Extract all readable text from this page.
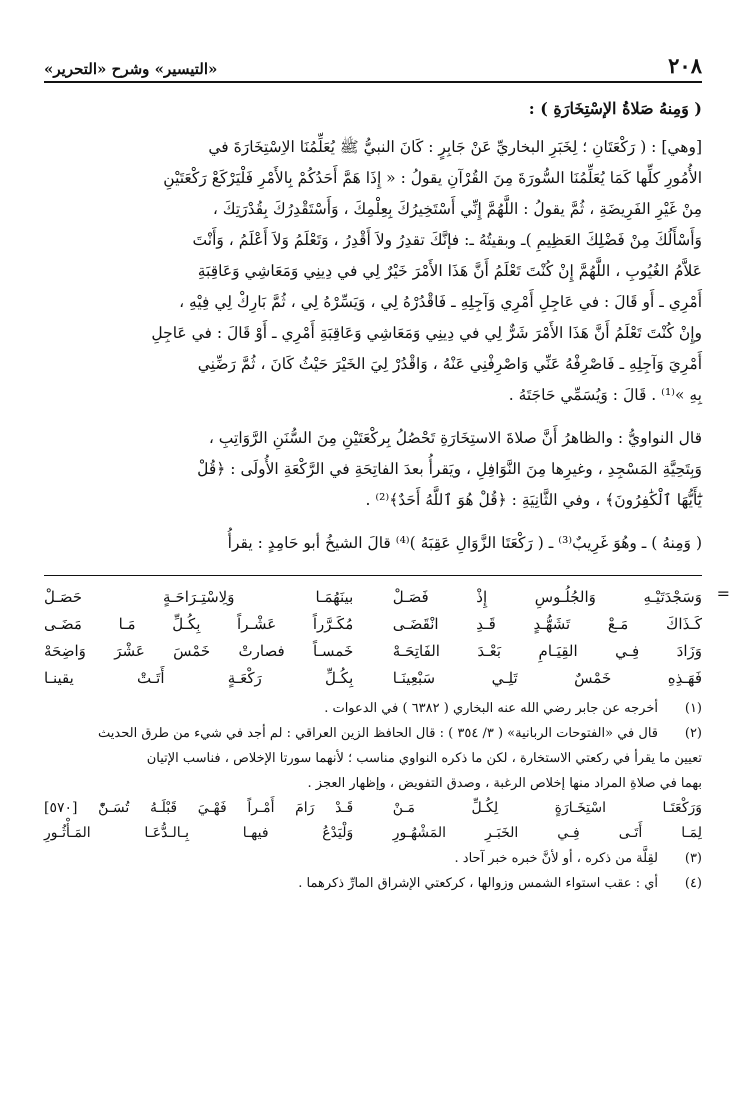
٢٠٨
«التيسير» وشرح «التحرير»
( وَمِنهُ صَلاةُ الإسْتِخَارَةِ ) :

[وهي] : ( رَكْعَتَانِ ؛ لِخَبَرِ البخاريِّ عَنْ جَابِرٍ : كَانَ النبيُّ ﷺ يُعَلِّمُنَا الاِسْتِخَارَةَ في

الأُمُورِ كلِّها كَمَا يُعَلِّمُنَا السُّورَةَ مِنَ القُرْآنِ يقولُ : « إِذَا هَمَّ أَحَدُكُمْ بِالأَمْرِ فَلْيَرْكَعْ رَكْعَتَيْنِ

مِنْ غَيْرِ الفَرِيضَةِ ، ثُمَّ يقولُ : اللَّهُمَّ إِنِّي أَسْتَخِيرُكَ بِعِلْمِكَ ، وَأَسْتَقْدِرُكَ بِقُدْرَتِكَ ،

وَأَسْأَلُكَ مِنْ فَضْلِكَ العَظِيمِ )ـ وبقيتُهُ ـ: فإنَّكَ تقدِرُ ولاَ أَقْدِرُ ، وَتَعْلَمُ وَلاَ أَعْلَمُ ، وَأَنْتَ

عَلاَّمُ الغُيُوبِ ، اللَّهُمَّ إِنْ كُنْتَ تَعْلَمُ أَنَّ هَذَا الأَمْرَ خَيْرٌ لِي في دِينِي وَمَعَاشِي وَعَاقِبَةِ

أَمْرِي ـ أَو قَالَ : في عَاجِلِ أَمْرِي وَآجِلِهِ ـ فَاقْدُرْهُ لِي ، وَيَسِّرْهُ لِي ، ثُمَّ بَارِكْ لِي فِيْهِ ،

وإِنْ كُنْتَ تَعْلَمُ أَنَّ هَذَا الأَمْرَ شَرٌّ لِي في دِينِي وَمَعَاشِي وَعَاقِبَةِ أَمْرِي ـ أَوْ قَالَ : في عَاجِلِ

أَمْرِيَ وَآجِلِهِ ـ فَاصْرِفْهُ عَنِّي وَاصْرِفْنِي عَنْهُ ، وَاقْدُرْ لِيَ الخَيْرَ حَيْثُ كَانَ ، ثُمَّ رَضِّنِي

بِهِ »⁽¹⁾ . قَالَ : وَيُسَمِّي حَاجَتَهُ .

قال النواويُّ : والظاهرُ أَنَّ صلاةَ الاستِخَارَةِ تَحْصُلُ بِركْعَتَيْنِ مِنَ السُّنَنِ الرَّوَاتِبِ ،

وَبِتَحِيَّةِ المَسْجِدِ ، وغيرِها مِنَ النَّوَافِلِ ، ويَقرأُ بعدَ الفاتِحَةِ في الرَّكْعَةِ الأُولَى : ﴿قُلْ

يَٰٓأَيُّهَا ٱلْكَٰفِرُونَ﴾ ، وفي الثَّانِيَةِ : ﴿قُلْ هُوَ ٱللَّهُ أَحَدٌ﴾⁽²⁾ .

( وَمِنهُ ) ـ وهُوَ غَرِيبٌ⁽³⁾ ـ ( رَكْعَتَا الزَّوَالِ عَقِبَهُ )⁽⁴⁾ قالَ الشيخُ أبو حَامِدٍ : يقرأُ

=
وَسَجْدَتَيْـهِ وَالجُلُـوسِ إِذْ فَصَـلْ
بينَهُمَـا وَلِاسْتِـرَاحَـةٍ حَصَـلْ
كَـذَاكَ مَـعْ تَشَهُّـدٍ قَـدِ انْقَضَـى
مُكَـرَّراً عَشْـراً بِكُـلِّ مَـا مَضَـى
وَزَادَ فِـي القِيَـامِ بَعْـدَ الفَاتِحَـهْ
خَمسـاً فصارتْ خَمْسَ عَشْرَ وَاضِحَهْ
فَهَـذِهِ خَمْسٌ تَلِـي سَبْعِينَـا
بِكُـلِّ رَكْعَـةٍ أَتَـتْ يقينـا
(١)
أخرجه عن جابر رضي الله عنه البخاري ( ٦٣٨٢ ) في الدعوات .
(٢)
قال في «الفتوحات الربانية» ( ٣/ ٣٥٤ ) : قال الحافظ الزين العراقي : لم أجد في شيء من طرق الحديث
تعيين ما يقرأ في ركعتي الاستخارة ، لكن ما ذكره النواوي مناسب ؛ لأنهما سورتا الإخلاص ، فناسب الإتيان
بهما في صلاةِ المراد منها إخلاص الرغبة ، وصدق التفويض ، وإظهار العجز .
وَرَكْعَتَـا اسْتِخَـارَةٍ لِكُـلِّ مَـنْ
قَـدْ رَامَ أَمْـراً فَهْـيَ قَبْلَـهُ تُسَـنّْ [٥٧٠]
لِمَـا أَتَـى فِـي الخَبَـرِ المَشْهُـورِ
وَلْيَدْعُ فيهـا بِـالـدُّعَـا المَـأْثُـورِ
(٣)
لقِلَّة من ذكره ، أو لأنَّ خبره خبر آحاد .
(٤)
أي : عقب استواء الشمس وزوالها ، كركعتي الإشراق المارِّ ذكرهما .
